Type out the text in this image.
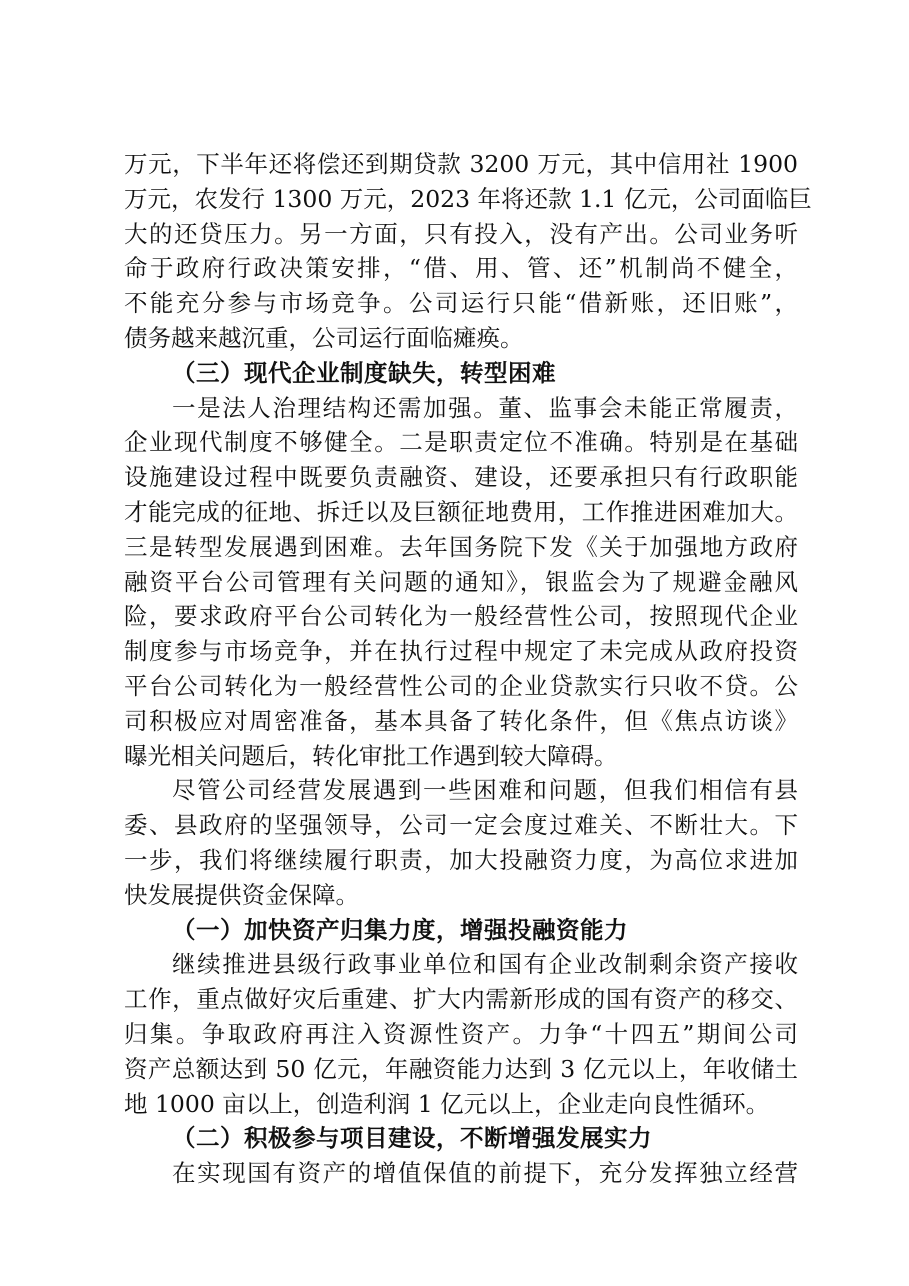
万元，下半年还将偿还到期贷款 3200 万元，其中信用社 1900
万元，农发行 1300 万元，2023 年将还款 1.1 亿元，公司面临巨
大的还贷压力。另一方面，只有投入，没有产出。公司业务听
命于政府行政决策安排，“借、用、管、还”机制尚不健全，
不能充分参与市场竞争。公司运行只能“借新账，还旧账”，
债务越来越沉重，公司运行面临瘫痪。
（三）现代企业制度缺失，转型困难
一是法人治理结构还需加强。董、监事会未能正常履责，
企业现代制度不够健全。二是职责定位不准确。特别是在基础
设施建设过程中既要负责融资、建设，还要承担只有行政职能
才能完成的征地、拆迁以及巨额征地费用，工作推进困难加大。
三是转型发展遇到困难。去年国务院下发《关于加强地方政府
融资平台公司管理有关问题的通知》，银监会为了规避金融风
险，要求政府平台公司转化为一般经营性公司，按照现代企业
制度参与市场竞争，并在执行过程中规定了未完成从政府投资
平台公司转化为一般经营性公司的企业贷款实行只收不贷。公
司积极应对周密准备，基本具备了转化条件，但《焦点访谈》
曝光相关问题后，转化审批工作遇到较大障碍。
尽管公司经营发展遇到一些困难和问题，但我们相信有县
委、县政府的坚强领导，公司一定会度过难关、不断壮大。下
一步，我们将继续履行职责，加大投融资力度，为高位求进加
快发展提供资金保障。
（一）加快资产归集力度，增强投融资能力
继续推进县级行政事业单位和国有企业改制剩余资产接收
工作，重点做好灾后重建、扩大内需新形成的国有资产的移交、
归集。争取政府再注入资源性资产。力争“十四五”期间公司
资产总额达到 50 亿元，年融资能力达到 3 亿元以上，年收储土
地 1000 亩以上，创造利润 1 亿元以上，企业走向良性循环。
（二）积极参与项目建设，不断增强发展实力
在实现国有资产的增值保值的前提下，充分发挥独立经营
